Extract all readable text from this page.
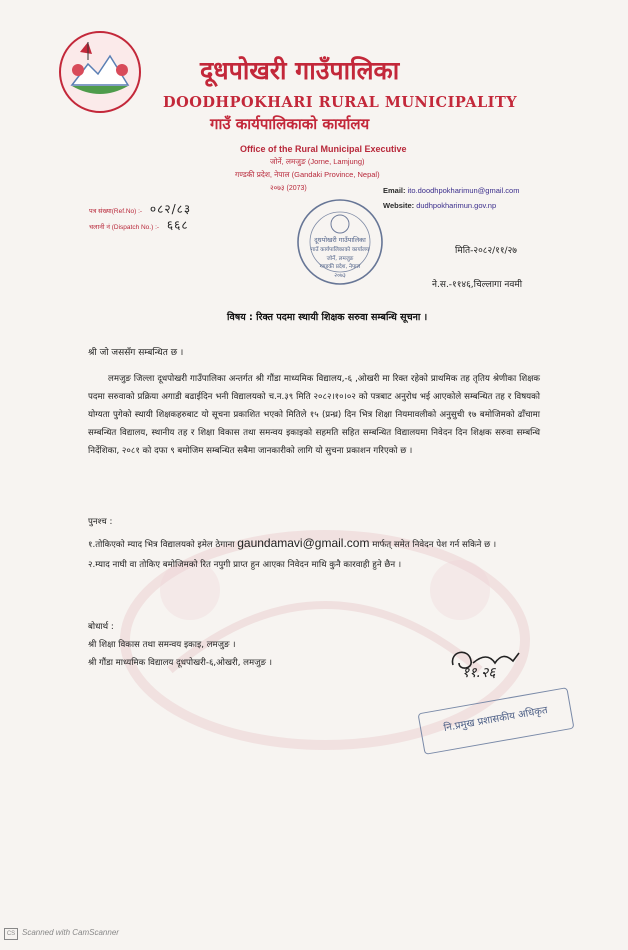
दूधपोखरी गाउँपालिका
DOODHPOKHARI RURAL MUNICIPALITY
गाउँ कार्यपालिकाको कार्यालय
Office of the Rural Municipal Executive
जोर्ने, लमजुङ (Jorne, Lamjung)
गण्डकी प्रदेश, नेपाल (Gandaki Province, Nepal)
२०७३ (2073)	Email: ito.doodhpokharimun@gmail.com
Website: dudhpokharimun.gov.np
पत्र संख्या(Ref.No) :- ०८२/८३
चलानी नं (Dispatch No.) :- ६६८
दूधपोखरी गाउँपालिका
गाउँ कार्यपालिकाको कार्यालय
जोर्ने, लमजुङ
गण्डकी प्रदेश, नेपाल
२०७३
मिति-२०८२/११/२७
ने.स.-११४६,चिल्लागा नवमी
विषय : रिक्त पदमा स्थायी शिक्षक सरुवा सम्बन्धि सूचना ।
श्री जो जससँग सम्बन्धित छ ।

लमजुङ जिल्ला दूधपोखरी गाउँपालिका अन्तर्गत श्री गौंडा माध्यमिक विद्यालय,-६ ,ओखरी मा रिक्त रहेको प्राथमिक तह तृतिय श्रेणीका शिक्षक पदमा सरुवाको प्रक्रिया अगाडी बढाईदिन भनी विद्यालयको च.न.३९ मिति २०८२।१०।०२ को पत्रबाट अनुरोध भई आएकोले सम्बन्धित तह र विषयको योग्यता पुगेको स्थायी शिक्षकहरुबाट यो सूचना प्रकाशित भएको मितिले १५ (प्रन्ध्र) दिन भित्र शिक्षा नियमावलीको अनुसुची १७ बमोजिमको ढाँचामा सम्बन्धित विद्यालय, स्थानीय तह र शिक्षा विकास तथा समन्वय इकाइको सहमति सहित सम्बन्धित विद्यालयमा निवेदन दिन शिक्षक सरुवा सम्बन्धि निर्देशिका, २०८१ को दफा ९ बमोजिम सम्बन्धित सबैमा जानकारीको लागि यो सुचना प्रकाशन गरिएको छ ।

पुनश्च :

१.तोकिएको म्याद भित्र विद्यालयको इमेल ठेगाना gaundamavi@gmail.com मार्फत् समेत निवेदन पेश गर्न सकिने छ ।

२.म्याद नाघी वा तोकिए बमोजिमको रित नपुगी प्राप्त हुन आएका निवेदन माथि कुनै कारवाही हुने छैन ।

बोधार्थ :

श्री शिक्षा विकास तथा समन्वय इकाइ, लमजुङ ।

श्री गौंडा माध्यमिक विद्यालय दूधपोखरी-६,ओखरी, लमजुङ ।

११.२६
नि.प्रमुख प्रशासकीय अधिकृत
CS Scanned with CamScanner
